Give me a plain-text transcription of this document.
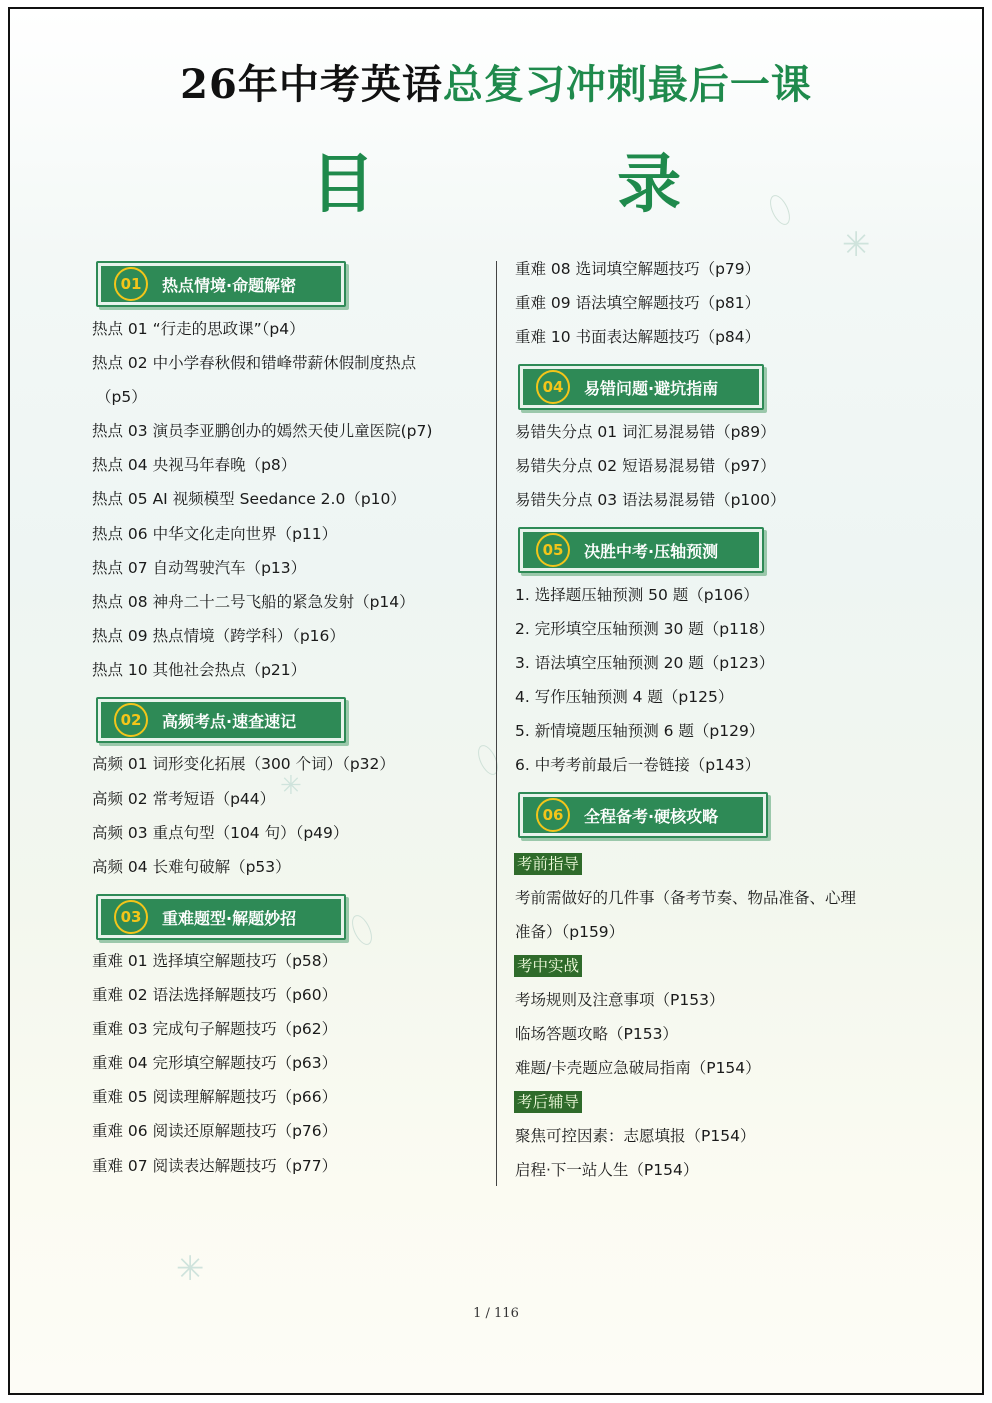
✳
✳
✳
26年中考英语总复习冲刺最后一课
目 录
01	热点情境·命题解密
热点 01 “行走的思政课”（p4）
热点 02 中小学春秋假和错峰带薪休假制度热点
（p5）
热点 03 演员李亚鹏创办的嫣然天使儿童医院(p7)
热点 04 央视马年春晚（p8）
热点 05 AI 视频模型 Seedance 2.0（p10）
热点 06 中华文化走向世界（p11）
热点 07 自动驾驶汽车（p13）
热点 08 神舟二十二号飞船的紧急发射（p14）
热点 09 热点情境（跨学科）（p16）
热点 10 其他社会热点（p21）
02	高频考点·速查速记
高频 01 词形变化拓展（300 个词）（p32）
高频 02 常考短语（p44）
高频 03 重点句型（104 句）（p49）
高频 04 长难句破解（p53）
03	重难题型·解题妙招
重难 01 选择填空解题技巧（p58）
重难 02 语法选择解题技巧（p60）
重难 03 完成句子解题技巧（p62）
重难 04 完形填空解题技巧（p63）
重难 05 阅读理解解题技巧（p66）
重难 06 阅读还原解题技巧（p76）
重难 07 阅读表达解题技巧（p77）
重难 08 选词填空解题技巧（p79）
重难 09 语法填空解题技巧（p81）
重难 10 书面表达解题技巧（p84）
04	易错问题·避坑指南
易错失分点 01 词汇易混易错（p89）
易错失分点 02 短语易混易错（p97）
易错失分点 03 语法易混易错（p100）
05	决胜中考·压轴预测
1. 选择题压轴预测 50 题（p106）
2. 完形填空压轴预测 30 题（p118）
3. 语法填空压轴预测 20 题（p123）
4. 写作压轴预测 4 题（p125）
5. 新情境题压轴预测 6 题（p129）
6. 中考考前最后一卷链接（p143）
06	全程备考·硬核攻略
考前指导
考前需做好的几件事（备考节奏、物品准备、心理
准备）（p159）
考中实战
考场规则及注意事项（P153）
临场答题攻略（P153）
难题/卡壳题应急破局指南（P154）
考后辅导
聚焦可控因素：志愿填报（P154）
启程·下一站人生（P154）
1 / 116
